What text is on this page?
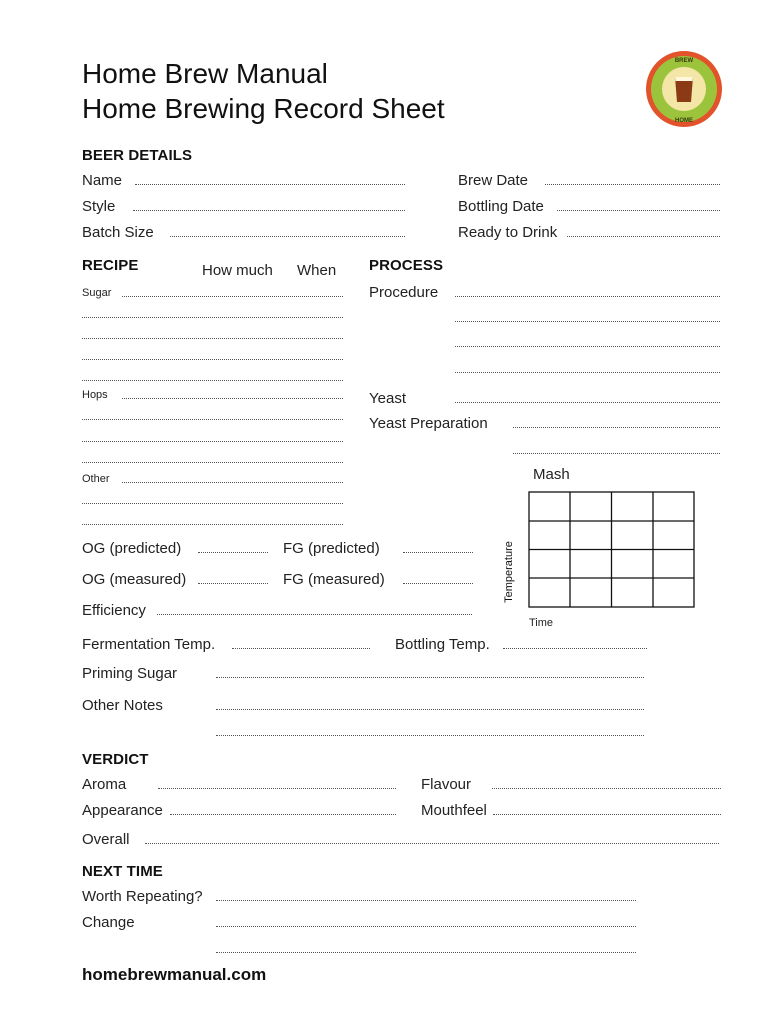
Home Brew Manual
Home Brewing Record Sheet
BREW
HOME
BEER DETAILS
Name	Brew Date
Style	Bottling Date
Batch Size	Ready to Drink
RECIPE	How much When
Sugar
Hops
Other
PROCESS
Procedure
Yeast
Yeast Preparation
Mash
Temperature
Time
OG (predicted)	FG (predicted)
OG (measured)	FG (measured)
Efficiency
Fermentation Temp.	Bottling Temp.
Priming Sugar
Other Notes
VERDICT
Aroma	Flavour
Appearance	Mouthfeel
Overall
NEXT TIME
Worth Repeating?
Change
homebrewmanual.com
